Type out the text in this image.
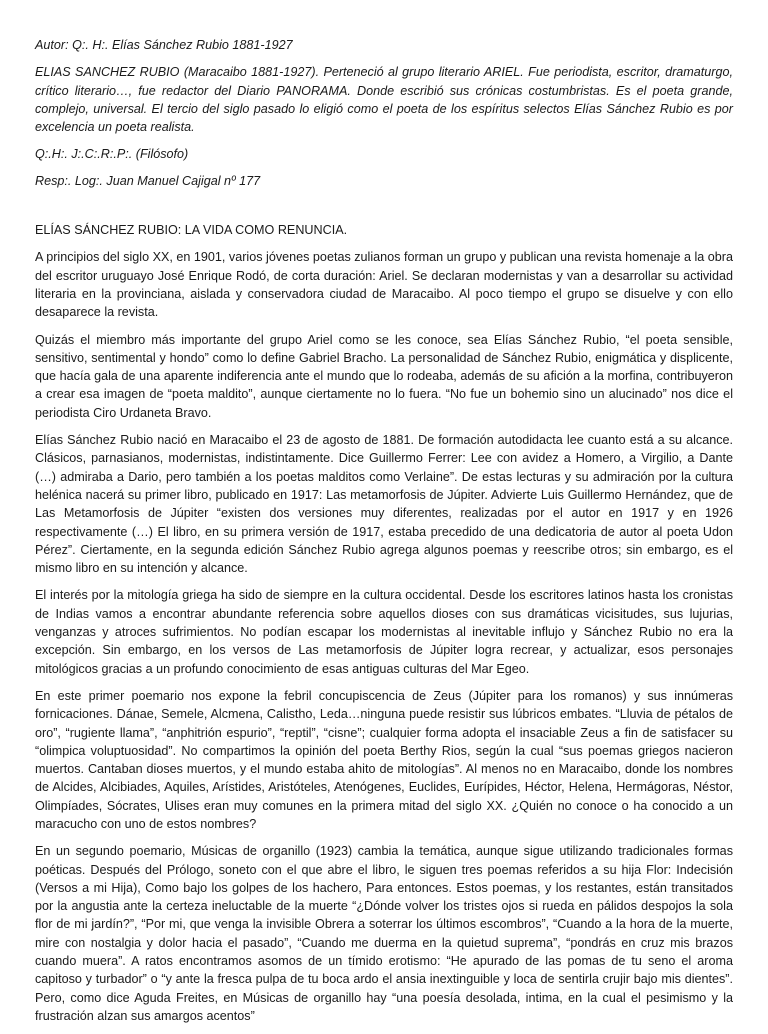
Autor: Q:. H:. Elías Sánchez Rubio 1881-1927

ELIAS SANCHEZ RUBIO (Maracaibo 1881-1927). Perteneció al grupo literario ARIEL. Fue periodista, escritor, dramaturgo, crítico literario…, fue redactor del Diario PANORAMA. Donde escribió sus crónicas costumbristas. Es el poeta grande, complejo, universal. El tercio del siglo pasado lo eligió como el poeta de los espíritus selectos Elías Sánchez Rubio es por excelencia un poeta realista.

Q:.H:. J:.C:.R:.P:. (Filósofo)

Resp:. Log:. Juan Manuel Cajigal nº 177

ELÍAS SÁNCHEZ RUBIO: LA VIDA COMO RENUNCIA.

A principios del siglo XX, en 1901, varios jóvenes poetas zulianos forman un grupo y publican una revista homenaje a la obra del escritor uruguayo José Enrique Rodó, de corta duración: Ariel. Se declaran modernistas y van a desarrollar su actividad literaria en la provinciana, aislada y conservadora ciudad de Maracaibo. Al poco tiempo el grupo se disuelve y con ello desaparece la revista.

Quizás el miembro más importante del grupo Ariel como se les conoce, sea Elías Sánchez Rubio, “el poeta sensible, sensitivo, sentimental y hondo” como lo define Gabriel Bracho. La personalidad de Sánchez Rubio, enigmática y displicente, que hacía gala de una aparente indiferencia ante el mundo que lo rodeaba, además de su afición a la morfina, contribuyeron a crear esa imagen de “poeta maldito”, aunque ciertamente no lo fuera. “No fue un bohemio sino un alucinado” nos dice el periodista Ciro Urdaneta Bravo.

Elías Sánchez Rubio nació en Maracaibo el 23 de agosto de 1881. De formación autodidacta lee cuanto está a su alcance. Clásicos, parnasianos, modernistas, indistintamente. Dice Guillermo Ferrer: Lee con avidez a Homero, a Virgilio, a Dante (…) admiraba a Dario, pero también a los poetas malditos como Verlaine”. De estas lecturas y su admiración por la cultura helénica nacerá su primer libro, publicado en 1917: Las metamorfosis de Júpiter. Advierte Luis Guillermo Hernández, que de Las Metamorfosis de Júpiter “existen dos versiones muy diferentes, realizadas por el autor en 1917 y en 1926 respectivamente (…) El libro, en su primera versión de 1917, estaba precedido de una dedicatoria de autor al poeta Udon Pérez”. Ciertamente, en la segunda edición Sánchez Rubio agrega algunos poemas y reescribe otros; sin embargo, es el mismo libro en su intención y alcance.

El interés por la mitología griega ha sido de siempre en la cultura occidental. Desde los escritores latinos hasta los cronistas de Indias vamos a encontrar abundante referencia sobre aquellos dioses con sus dramáticas vicisitudes, sus lujurias, venganzas y atroces sufrimientos. No podían escapar los modernistas al inevitable influjo y Sánchez Rubio no era la excepción. Sin embargo, en los versos de Las metamorfosis de Júpiter logra recrear, y actualizar, esos personajes mitológicos gracias a un profundo conocimiento de esas antiguas culturas del Mar Egeo.

En este primer poemario nos expone la febril concupiscencia de Zeus (Júpiter para los romanos) y sus innúmeras fornicaciones. Dánae, Semele, Alcmena, Calistho, Leda…ninguna puede resistir sus lúbricos embates. “Lluvia de pétalos de oro”, “rugiente llama”, “anphitrión espurio”, “reptil”, “cisne”; cualquier forma adopta el insaciable Zeus a fin de satisfacer su “olimpica voluptuosidad”. No compartimos la opinión del poeta Berthy Rios, según la cual “sus poemas griegos nacieron muertos. Cantaban dioses muertos, y el mundo estaba ahito de mitologías”. Al menos no en Maracaibo, donde los nombres de Alcides, Alcibiades, Aquiles, Arístides, Aristóteles, Atenógenes, Euclides, Eurípides, Héctor, Helena, Hermágoras, Néstor, Olimpíades, Sócrates, Ulises eran muy comunes en la primera mitad del siglo XX. ¿Quién no conoce o ha conocido a un maracucho con uno de estos nombres?

En un segundo poemario, Músicas de organillo (1923) cambia la temática, aunque sigue utilizando tradicionales formas poéticas. Después del Prólogo, soneto con el que abre el libro, le siguen tres poemas referidos a su hija Flor: Indecisión (Versos a mi Hija), Como bajo los golpes de los hachero, Para entonces. Estos poemas, y los restantes, están transitados por la angustia ante la certeza ineluctable de la muerte “¿Dónde volver los tristes ojos si rueda en pálidos despojos la sola flor de mi jardín?”, “Por mi, que venga la invisible Obrera a soterrar los últimos escombros”, “Cuando a la hora de la muerte, mire con nostalgia y dolor hacia el pasado”, “Cuando me duerma en la quietud suprema”, “pondrás en cruz mis brazos cuando muera”. A ratos encontramos asomos de un tímido erotismo: “He apurado de las pomas de tu seno el aroma capitoso y turbador” o “y ante la fresca pulpa de tu boca ardo el ansia inextinguible y loca de sentirla crujir bajo mis dientes”. Pero, como dice Aguda Freites, en Músicas de organillo hay “una poesía desolada, intima, en la cual el pesimismo y la frustración alzan sus amargos acentos”
